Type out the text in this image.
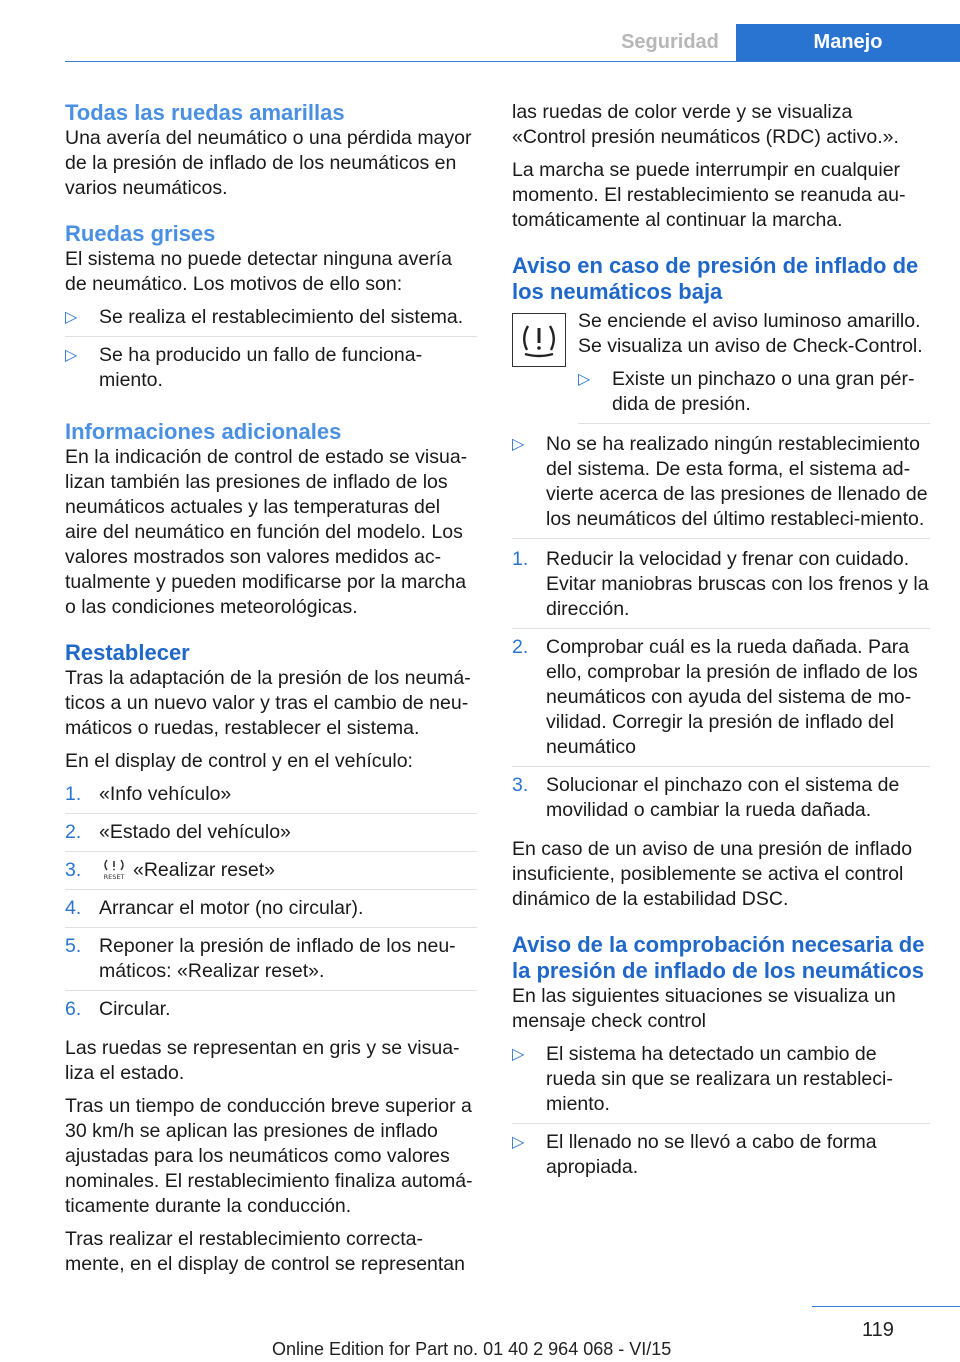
Seguridad	Manejo
Todas las ruedas amarillas

Una avería del neumático o una pérdida mayor de la presión de inflado de los neumáticos en varios neumáticos.

Ruedas grises

El sistema no puede detectar ninguna avería de neumático. Los motivos de ello son:

▷ Se realiza el restablecimiento del sistema.
▷ Se ha producido un fallo de funciona‐miento.
Informaciones adicionales

En la indicación de control de estado se visua‐lizan también las presiones de inflado de los neumáticos actuales y las temperaturas del aire del neumático en función del modelo. Los valores mostrados son valores medidos ac‐tualmente y pueden modificarse por la marcha o las condiciones meteorológicas.

Restablecer

Tras la adaptación de la presión de los neumá‐ticos a un nuevo valor y tras el cambio de neu‐máticos o ruedas, restablecer el sistema.

En el display de control y en el vehículo:

1. «Info vehículo»
2. «Estado del vehículo»
3.	RESET «Realizar reset»
4. Arrancar el motor (no circular).
5. Reponer la presión de inflado de los neu‐máticos: «Realizar reset».
6. Circular.

Las ruedas se representan en gris y se visua‐liza el estado.

Tras un tiempo de conducción breve superior a 30 km/h se aplican las presiones de inflado ajustadas para los neumáticos como valores nominales. El restablecimiento finaliza automá‐ticamente durante la conducción.

Tras realizar el restablecimiento correcta‐mente, en el display de control se representan

las ruedas de color verde y se visualiza «Control presión neumáticos (RDC) activo.».

La marcha se puede interrumpir en cualquier momento. El restablecimiento se reanuda au‐tomáticamente al continuar la marcha.

Aviso en caso de presión de inflado de los neumáticos baja

Se enciende el aviso luminoso amarillo. Se visualiza un aviso de Check-Control.

▷ Existe un pinchazo o una gran pér‐dida de presión.
▷ No se ha realizado ningún restablecimiento del sistema. De esta forma, el sistema ad‐vierte acerca de las presiones de llenado de los neumáticos del último restableci‐miento.
1. Reducir la velocidad y frenar con cuidado. Evitar maniobras bruscas con los frenos y la dirección.
2. Comprobar cuál es la rueda dañada. Para ello, comprobar la presión de inflado de los neumáticos con ayuda del sistema de mo‐vilidad. Corregir la presión de inflado del neumático
3. Solucionar el pinchazo con el sistema de movilidad o cambiar la rueda dañada.

En caso de un aviso de una presión de inflado insuficiente, posiblemente se activa el control dinámico de la estabilidad DSC.

Aviso de la comprobación necesaria de la presión de inflado de los neumáticos

En las siguientes situaciones se visualiza un mensaje check control

▷ El sistema ha detectado un cambio de rueda sin que se realizara un restableci‐miento.
▷ El llenado no se llevó a cabo de forma apropiada.
119
Online Edition for Part no. 01 40 2 964 068 - VI/15
